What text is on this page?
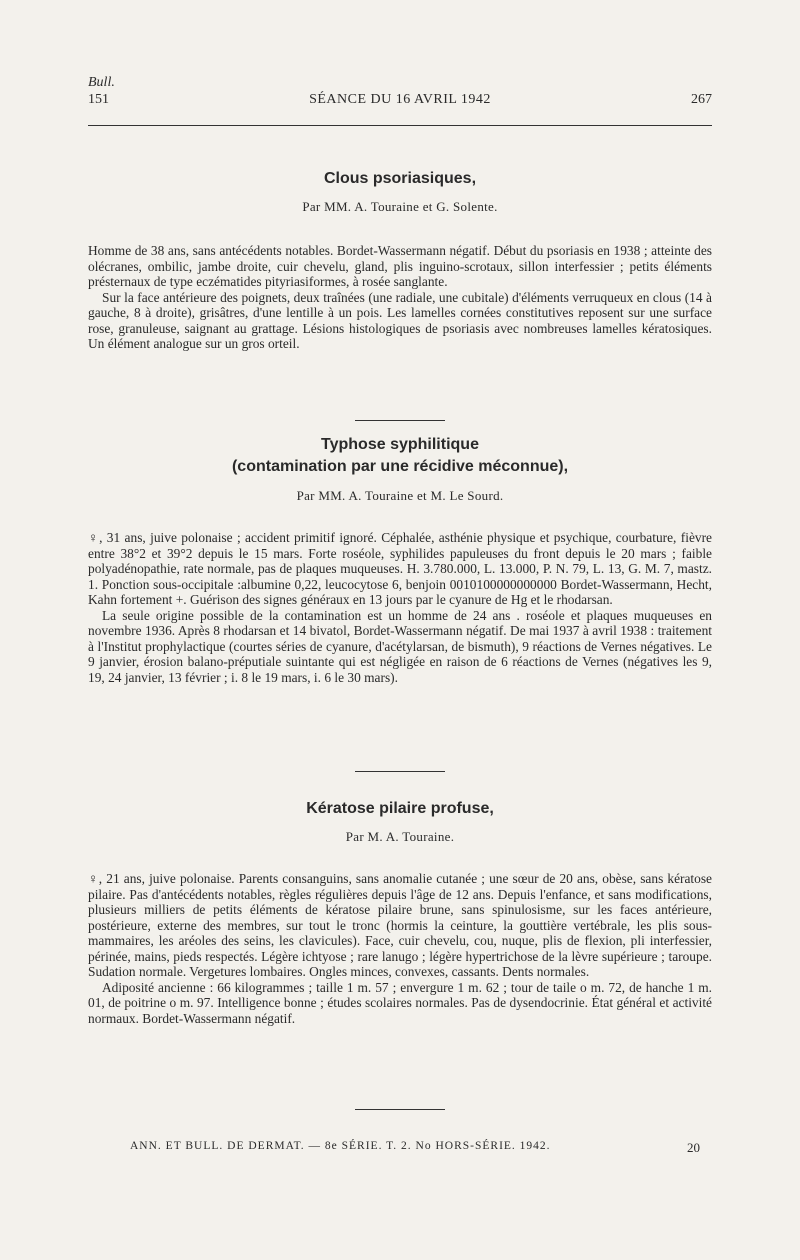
Bull.
151	SÉANCE DU 16 AVRIL 1942	267
Clous psoriasiques,
Par MM. A. Touraine et G. Solente.

Homme de 38 ans, sans antécédents notables. Bordet-Wassermann négatif. Début du psoriasis en 1938 ; atteinte des olécranes, ombilic, jambe droite, cuir chevelu, gland, plis inguino-scrotaux, sillon interfessier ; petits éléments présternaux de type eczématides pityriasiformes, à rosée sanglante.

Sur la face antérieure des poignets, deux traînées (une radiale, une cubitale) d'éléments verruqueux en clous (14 à gauche, 8 à droite), grisâtres, d'une lentille à un pois. Les lamelles cornées constitutives reposent sur une surface rose, granuleuse, saignant au grattage. Lésions histologiques de psoriasis avec nombreuses lamelles kératosiques. Un élément analogue sur un gros orteil.

Typhose syphilitique
(contamination par une récidive méconnue),
Par MM. A. Touraine et M. Le Sourd.

♀, 31 ans, juive polonaise ; accident primitif ignoré. Céphalée, asthénie physique et psychique, courbature, fièvre entre 38°2 et 39°2 depuis le 15 mars. Forte roséole, syphilides papuleuses du front depuis le 20 mars ; faible polyadénopathie, rate normale, pas de plaques muqueuses. H. 3.780.000, L. 13.000, P. N. 79, L. 13, G. M. 7, mastz. 1. Ponction sous-occipitale :albumine 0,22, leucocytose 6, benjoin 0010100000000000 Bordet-Wassermann, Hecht, Kahn fortement +. Guérison des signes généraux en 13 jours par le cyanure de Hg et le rhodarsan.

La seule origine possible de la contamination est un homme de 24 ans . roséole et plaques muqueuses en novembre 1936. Après 8 rhodarsan et 14 bivatol, Bordet-Wassermann négatif. De mai 1937 à avril 1938 : traitement à l'Institut prophylactique (courtes séries de cyanure, d'acétylarsan, de bismuth), 9 réactions de Vernes négatives. Le 9 janvier, érosion balano-préputiale suintante qui est négligée en raison de 6 réactions de Vernes (négatives les 9, 19, 24 janvier, 13 février ; i. 8 le 19 mars, i. 6 le 30 mars).

Kératose pilaire profuse,
Par M. A. Touraine.

♀, 21 ans, juive polonaise. Parents consanguins, sans anomalie cutanée ; une sœur de 20 ans, obèse, sans kératose pilaire. Pas d'antécédents notables, règles régulières depuis l'âge de 12 ans. Depuis l'enfance, et sans modifications, plusieurs milliers de petits éléments de kératose pilaire brune, sans spinulosisme, sur les faces antérieure, postérieure, externe des membres, sur tout le tronc (hormis la ceinture, la gouttière vertébrale, les plis sous-mammaires, les aréoles des seins, les clavicules). Face, cuir chevelu, cou, nuque, plis de flexion, pli interfessier, périnée, mains, pieds respectés. Légère ichtyose ; rare lanugo ; légère hypertrichose de la lèvre supérieure ; taroupe. Sudation normale. Vergetures lombaires. Ongles minces, convexes, cassants. Dents normales.

Adiposité ancienne : 66 kilogrammes ; taille 1 m. 57 ; envergure 1 m. 62 ; tour de taile o m. 72, de hanche 1 m. 01, de poitrine o m. 97. Intelligence bonne ; études scolaires normales. Pas de dysendocrinie. État général et activité normaux. Bordet-Wassermann négatif.

ANN. ET BULL. DE DERMAT. — 8e SÉRIE. T. 2. No HORS-SÉRIE. 1942.	20
